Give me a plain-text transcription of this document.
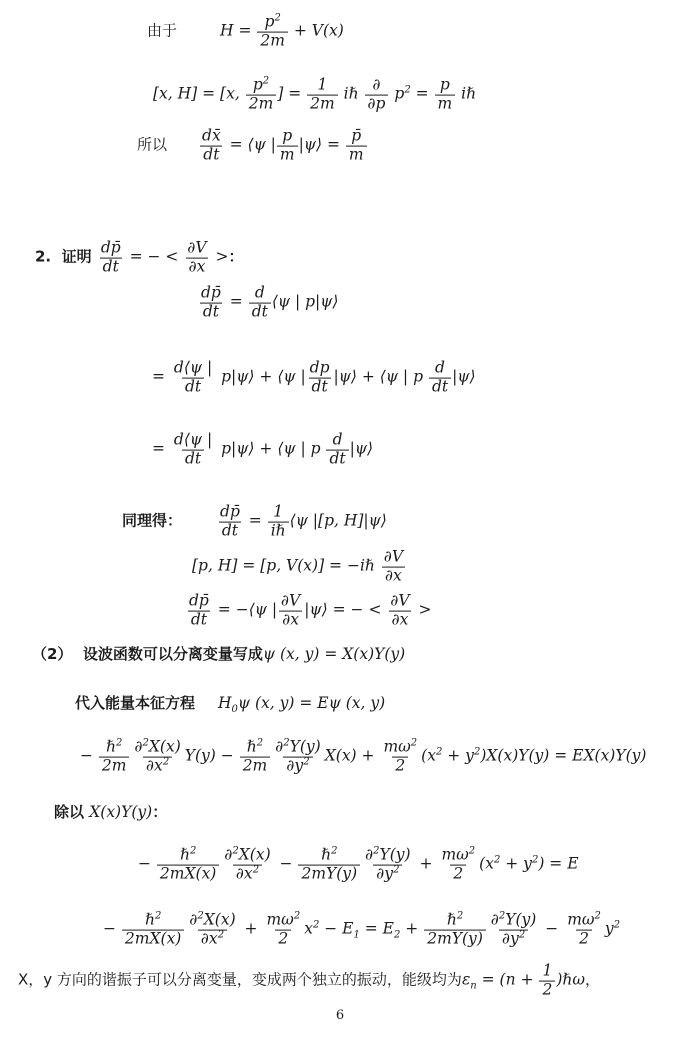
由于	$H = \frac{p^2}{2m} + V(x)$
[x, H] = [x, $\frac{p^2}{2m}$ ] = $\frac{1}{2m}$ iℏ $\frac{\partial}{\partial p} p^2 = \frac{p}{m}$ iℏ
所以 $\frac{dx̄}{dt}$ = ⟨ψ | $\frac{p}{m}$ |ψ⟩ = $\frac{p̄}{m}$
2.  证明 $\frac{dp̄}{dt}$ = − < $\frac{\partial V}{\partial x}$ >：
$\frac{dp̄}{dt} = \frac{d}{dt}$ ⟨ψ | p|ψ⟩
= $\frac{d⟨\psi |}{dt}$ p|ψ⟩ + ⟨ψ | $\frac{dp}{dt}$ |ψ⟩ + ⟨ψ | p $\frac{d}{dt}$ |ψ⟩
= $\frac{d⟨\psi |}{dt}$ p|ψ⟩ + ⟨ψ | p $\frac{d}{dt}$ |ψ⟩
同理得： $\frac{dp̄}{dt} = \frac{1}{\text{iℏ}}$ ⟨ψ |[p, H]|ψ⟩
[p, H] = [p, V(x)] = −iℏ $\frac{\partial V}{\partial x}$
$\frac{dp̄}{dt}$ = −⟨ψ | $\frac{\partial V}{\partial x}$ |ψ⟩ = − < $\frac{\partial V}{\partial x}$ >
（2）  设波函数可以分离变量写成ψ (x, y) = X(x)Y(y)
代入能量本征方程 $H_0\psi$ (x, y) = Eψ (x, y)
− $\frac{\hbar^2}{2m} \frac{\partial^2X(x)}{\partial x^2} Y(y) - \frac{\hbar^2}{2m} \frac{\partial^2Y(y)}{\partial y^2} X(x) + \frac{m\omega^2}{2} (x^2 + y^2)X(x)Y(y) = EX(x)Y(y)$
除以 X(x)Y(y)：
− $\frac{\hbar^2}{2mX(x)} \frac{\partial^2X(x)}{\partial x^2} - \frac{\hbar^2}{2mY(y)} \frac{\partial^2Y(y)}{\partial y^2} + \frac{m\omega^2}{2} (x^2 + y^2) = E$
− $\frac{\hbar^2}{2mX(x)} \frac{\partial^2X(x)}{\partial x^2} + \frac{m\omega^2}{2} x^2 - E_1 = E_2 + \frac{\hbar^2}{2mY(y)} \frac{\partial^2Y(y)}{\partial y^2} - \frac{m\omega^2}{2} y^2$
X，y 方向的谐振子可以分离变量，变成两个独立的振动，能级均为$\varepsilon_n = (n + \frac{1}{2}$ )ℏω，
6
